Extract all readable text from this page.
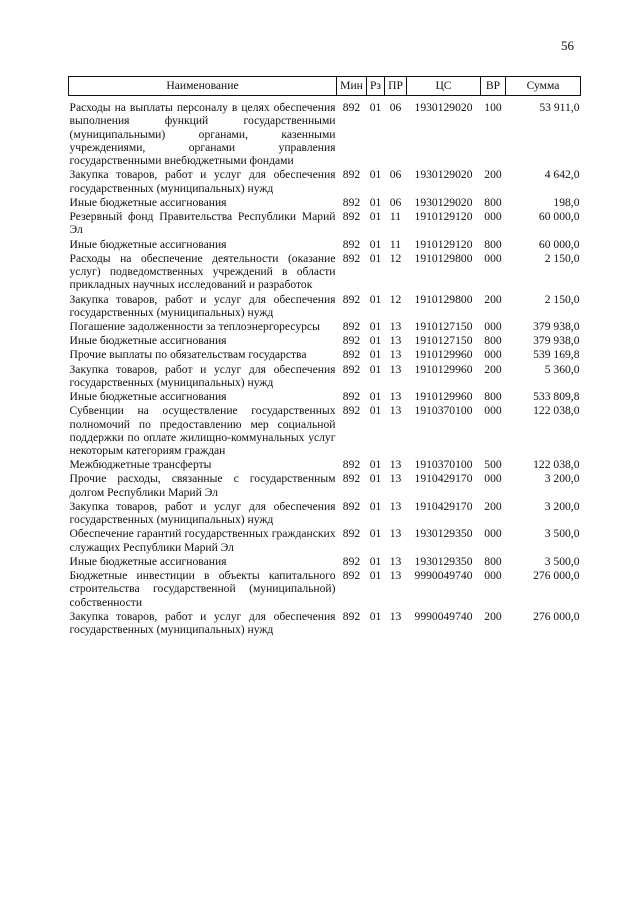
56
Наименование	Мин	Рз	ПР	ЦС	ВР	Сумма
Расходы на выплаты персоналу в целях обеспечения выполнения функций государственными (муниципальными) органами, казенными учреждениями, органами управления государственными внебюджетными фондами	892	01	06	1930129020	100	53 911,0
Закупка товаров, работ и услуг для обеспечения государственных (муниципальных) нужд	892	01	06	1930129020	200	4 642,0
Иные бюджетные ассигнования	892	01	06	1930129020	800	198,0
Резервный фонд Правительства Республики Марий Эл	892	01	11	1910129120	000	60 000,0
Иные бюджетные ассигнования	892	01	11	1910129120	800	60 000,0
Расходы на обеспечение деятельности (оказание услуг) подведомственных учреждений в области прикладных научных исследований и разработок	892	01	12	1910129800	000	2 150,0
Закупка товаров, работ и услуг для обеспечения государственных (муниципальных) нужд	892	01	12	1910129800	200	2 150,0
Погашение задолженности за теплоэнергоресурсы	892	01	13	1910127150	000	379 938,0
Иные бюджетные ассигнования	892	01	13	1910127150	800	379 938,0
Прочие выплаты по обязательствам государства	892	01	13	1910129960	000	539 169,8
Закупка товаров, работ и услуг для обеспечения государственных (муниципальных) нужд	892	01	13	1910129960	200	5 360,0
Иные бюджетные ассигнования	892	01	13	1910129960	800	533 809,8
Субвенции на осуществление государственных полномочий по предоставлению мер социальной поддержки по оплате жилищно-коммунальных услуг некоторым категориям граждан	892	01	13	1910370100	000	122 038,0
Межбюджетные трансферты	892	01	13	1910370100	500	122 038,0
Прочие расходы, связанные с государственным долгом Республики Марий Эл	892	01	13	1910429170	000	3 200,0
Закупка товаров, работ и услуг для обеспечения государственных (муниципальных) нужд	892	01	13	1910429170	200	3 200,0
Обеспечение гарантий государственных гражданских служащих Республики Марий Эл	892	01	13	1930129350	000	3 500,0
Иные бюджетные ассигнования	892	01	13	1930129350	800	3 500,0
Бюджетные инвестиции в объекты капитального строительства государственной (муниципальной) собственности	892	01	13	9990049740	000	276 000,0
Закупка товаров, работ и услуг для обеспечения государственных (муниципальных) нужд	892	01	13	9990049740	200	276 000,0
